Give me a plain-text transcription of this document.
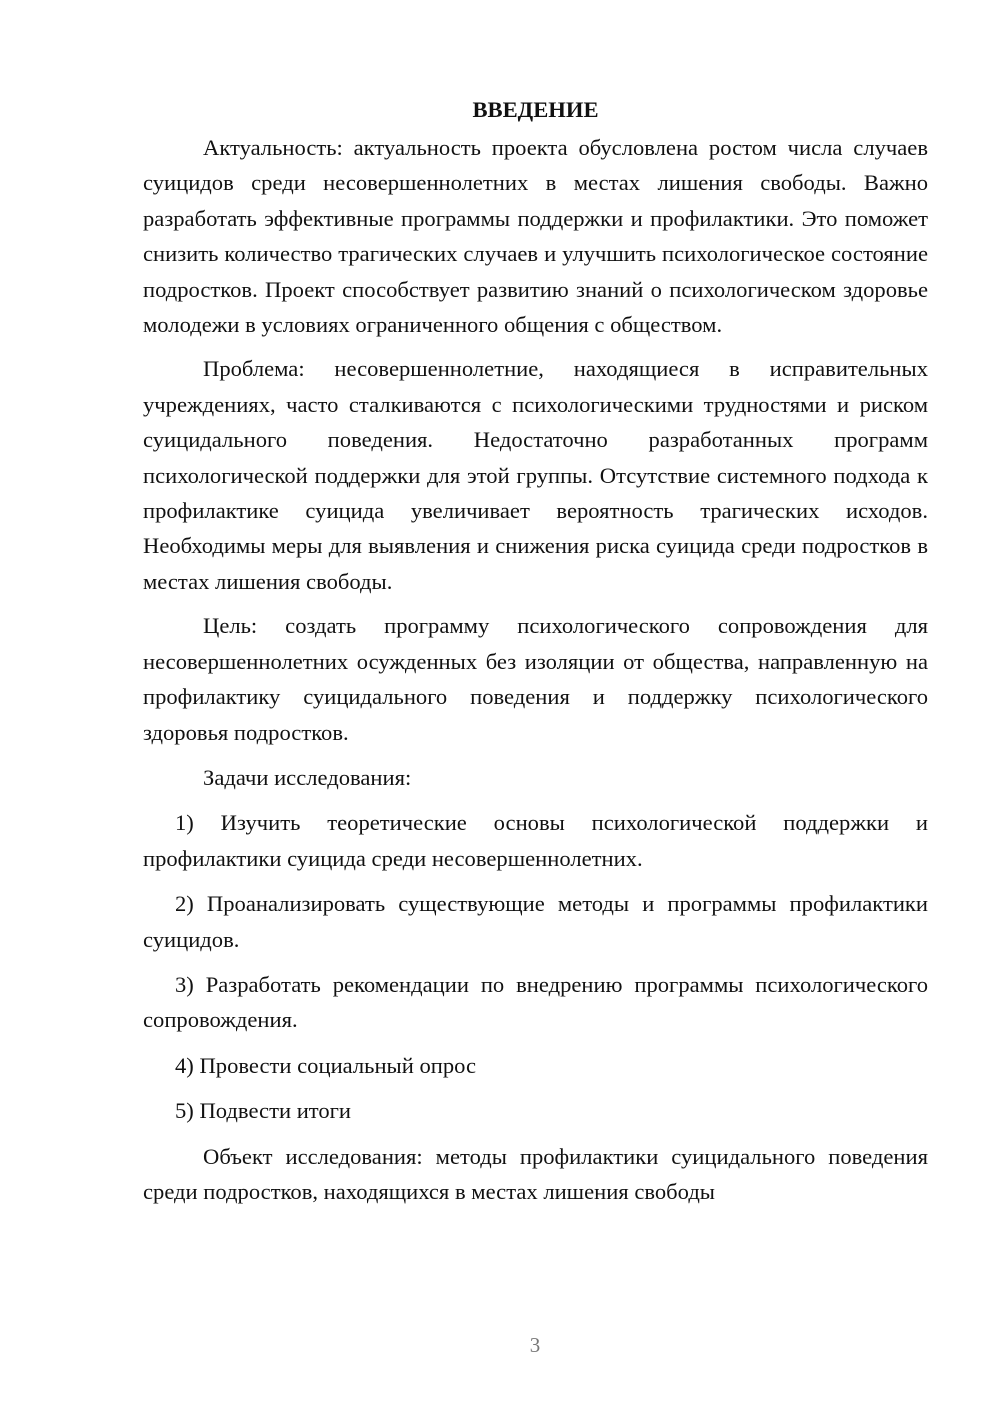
ВВЕДЕНИЕ

Актуальность: актуальность проекта обусловлена ростом числа случаев суицидов среди несовершеннолетних в местах лишения свободы. Важно разработать эффективные программы поддержки и профилактики. Это поможет снизить количество трагических случаев и улучшить психологическое состояние подростков. Проект способствует развитию знаний о психологическом здоровье молодежи в условиях ограниченного общения с обществом.

Проблема: несовершеннолетние, находящиеся в исправительных учреждениях, часто сталкиваются с психологическими трудностями и риском суицидального поведения. Недостаточно разработанных программ психологической поддержки для этой группы. Отсутствие системного подхода к профилактике суицида увеличивает вероятность трагических исходов. Необходимы меры для выявления и снижения риска суицида среди подростков в местах лишения свободы.

Цель: создать программу психологического сопровождения для несовершеннолетних осужденных без изоляции от общества, направленную на профилактику суицидального поведения и поддержку психологического здоровья подростков.

Задачи исследования:

1) Изучить теоретические основы психологической поддержки и профилактики суицида среди несовершеннолетних.

2) Проанализировать существующие методы и программы профилактики суицидов.

3) Разработать рекомендации по внедрению программы психологического сопровождения.

4) Провести социальный опрос

5) Подвести итоги

Объект исследования: методы профилактики суицидального поведения среди подростков, находящихся в местах лишения свободы

3
